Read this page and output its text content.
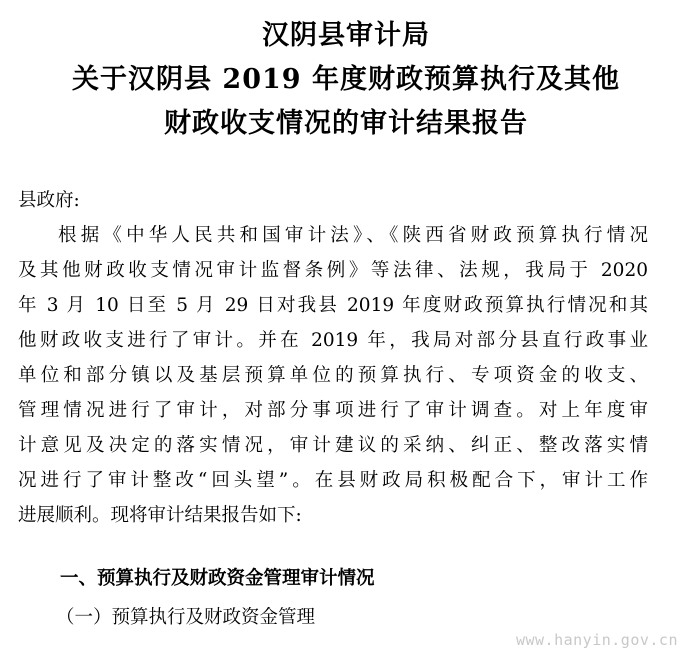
汉阴县审计局
关于汉阴县 2019 年度财政预算执行及其他
财政收支情况的审计结果报告
县政府:
根据《中华人民共和国审计法》、《陕西省财政预算执行情况
及其他财政收支情况审计监督条例》等法律、法规，我局于 2020
年 3 月 10 日至 5 月 29 日对我县 2019 年度财政预算执行情况和其
他财政收支进行了审计。并在 2019 年，我局对部分县直行政事业
单位和部分镇以及基层预算单位的预算执行、专项资金的收支、
管理情况进行了审计，对部分事项进行了审计调查。对上年度审
计意见及决定的落实情况，审计建议的采纳、纠正、整改落实情
况进行了审计整改“回头望”。在县财政局积极配合下，审计工作
进展顺利。现将审计结果报告如下:
一、预算执行及财政资金管理审计情况
（一）预算执行及财政资金管理
www.hanyin.gov.cn
